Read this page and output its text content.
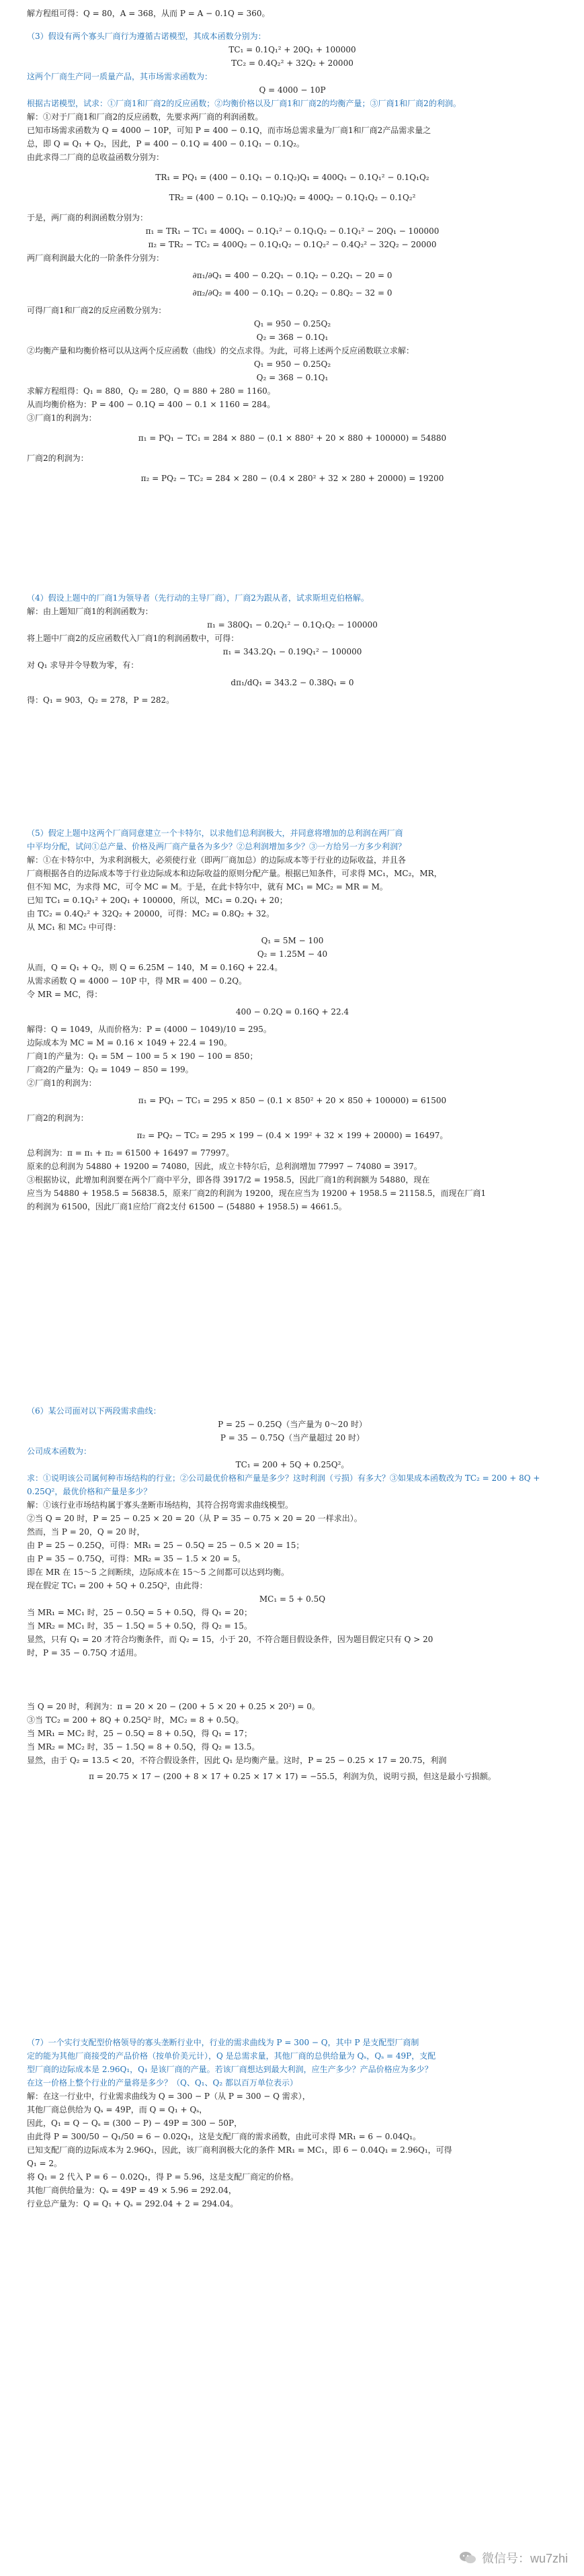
解方程组可得：Q = 80，A = 368，从而 P = A − 0.1Q = 360。

（3）假设有两个寡头厂商行为遵循古诺模型，其成本函数分别为：

TC₁ = 0.1Q₁² + 20Q₁ + 100000

TC₂ = 0.4Q₂² + 32Q₂ + 20000

这两个厂商生产同一质量产品，其市场需求函数为：

Q = 4000 − 10P

根据古诺模型，试求：①厂商1和厂商2的反应函数；②均衡价格以及厂商1和厂商2的均衡产量；③厂商1和厂商2的利润。

解：①对于厂商1和厂商2的反应函数，先要求两厂商的利润函数。

已知市场需求函数为 Q = 4000 − 10P，可知 P = 400 − 0.1Q，而市场总需求量为厂商1和厂商2产品需求量之

总，即 Q = Q₁ + Q₂，因此，P = 400 − 0.1Q = 400 − 0.1Q₁ − 0.1Q₂。

由此求得二厂商的总收益函数分别为：

TR₁ = PQ₁ = (400 − 0.1Q₁ − 0.1Q₂)Q₁ = 400Q₁ − 0.1Q₁² − 0.1Q₁Q₂

TR₂ = (400 − 0.1Q₁ − 0.1Q₂)Q₂ = 400Q₂ − 0.1Q₁Q₂ − 0.1Q₂²

于是，两厂商的利润函数分别为：

π₁ = TR₁ − TC₁ = 400Q₁ − 0.1Q₁² − 0.1Q₁Q₂ − 0.1Q₁² − 20Q₁ − 100000

π₂ = TR₂ − TC₂ = 400Q₂ − 0.1Q₁Q₂ − 0.1Q₂² − 0.4Q₂² − 32Q₂ − 20000

两厂商利润最大化的一阶条件分别为：

∂π₁/∂Q₁ = 400 − 0.2Q₁ − 0.1Q₂ − 0.2Q₁ − 20 = 0

∂π₂/∂Q₂ = 400 − 0.1Q₁ − 0.2Q₂ − 0.8Q₂ − 32 = 0

可得厂商1和厂商2的反应函数分别为：

Q₁ = 950 − 0.25Q₂

Q₂ = 368 − 0.1Q₁

②均衡产量和均衡价格可以从这两个反应函数（曲线）的交点求得。为此，可将上述两个反应函数联立求解：

Q₁ = 950 − 0.25Q₂

Q₂ = 368 − 0.1Q₁

求解方程组得：Q₁ = 880，Q₂ = 280，Q = 880 + 280 = 1160。

从而均衡价格为：P = 400 − 0.1Q = 400 − 0.1 × 1160 = 284。

③厂商1的利润为：

π₁ = PQ₁ − TC₁ = 284 × 880 − (0.1 × 880² + 20 × 880 + 100000) = 54880

厂商2的利润为：

π₂ = PQ₂ − TC₂ = 284 × 280 − (0.4 × 280² + 32 × 280 + 20000) = 19200

（4）假设上题中的厂商1为领导者（先行动的主导厂商），厂商2为跟从者，试求斯坦克伯格解。

解：由上题知厂商1的利润函数为：

π₁ = 380Q₁ − 0.2Q₁² − 0.1Q₁Q₂ − 100000

将上题中厂商2的反应函数代入厂商1的利润函数中，可得：

π₁ = 343.2Q₁ − 0.19Q₁² − 100000

对 Q₁ 求导并令导数为零，有：

dπ₁/dQ₁ = 343.2 − 0.38Q₁ = 0

得：Q₁ = 903，Q₂ = 278，P = 282。

（5）假定上题中这两个厂商同意建立一个卡特尔，以求他们总利润极大，并同意将增加的总利润在两厂商

中平均分配，试问①总产量、价格及两厂商产量各为多少？②总利润增加多少？③一方给另一方多少利润？

解：①在卡特尔中，为求利润极大，必须使行业（即两厂商加总）的边际成本等于行业的边际收益，并且各

厂商根据各自的边际成本等于行业边际成本和边际收益的原则分配产量。根据已知条件，可求得 MC₁，MC₂，MR，

但不知 MC，为求得 MC，可令 MC = M。于是，在此卡特尔中，就有 MC₁ = MC₂ = MR = M。

已知 TC₁ = 0.1Q₁² + 20Q₁ + 100000，所以，MC₁ = 0.2Q₁ + 20；

由 TC₂ = 0.4Q₂² + 32Q₂ + 20000，可得：MC₂ = 0.8Q₂ + 32。

从 MC₁ 和 MC₂ 中可得：

Q₁ = 5M − 100

Q₂ = 1.25M − 40

从而，Q = Q₁ + Q₂，则 Q = 6.25M − 140，M = 0.16Q + 22.4。

从需求函数 Q = 4000 − 10P 中，得 MR = 400 − 0.2Q。

令 MR = MC，得：

400 − 0.2Q = 0.16Q + 22.4

解得：Q = 1049，从而价格为：P = (4000 − 1049)/10 = 295。

边际成本为 MC = M = 0.16 × 1049 + 22.4 = 190。

厂商1的产量为：Q₁ = 5M − 100 = 5 × 190 − 100 = 850；

厂商2的产量为：Q₂ = 1049 − 850 = 199。

②厂商1的利润为：

π₁ = PQ₁ − TC₁ = 295 × 850 − (0.1 × 850² + 20 × 850 + 100000) = 61500

厂商2的利润为：

π₂ = PQ₂ − TC₂ = 295 × 199 − (0.4 × 199² + 32 × 199 + 20000) = 16497。

总利润为：π = π₁ + π₂ = 61500 + 16497 = 77997。

原来的总利润为 54880 + 19200 = 74080，因此，成立卡特尔后，总利润增加 77997 − 74080 = 3917。

③根据协议，此增加利润要在两个厂商中平分，即各得 3917/2 = 1958.5，因此厂商1的利润额为 54880，现在

应当为 54880 + 1958.5 = 56838.5，原来厂商2的利润为 19200，现在应当为 19200 + 1958.5 = 21158.5，而现在厂商1

的利润为 61500，因此厂商1应给厂商2支付 61500 − (54880 + 1958.5) = 4661.5。

（6）某公司面对以下两段需求曲线：

P = 25 − 0.25Q（当产量为 0～20 时）

P = 35 − 0.75Q（当产量超过 20 时）

公司成本函数为：

TC₁ = 200 + 5Q + 0.25Q²。

求：①说明该公司属何种市场结构的行业；②公司最优价格和产量是多少？这时利润（亏损）有多大？③如果成本函数改为 TC₂ = 200 + 8Q + 0.25Q²，最优价格和产量是多少？

解：①该行业市场结构属于寡头垄断市场结构，其符合拐弯需求曲线模型。

②当 Q = 20 时，P = 25 − 0.25 × 20 = 20（从 P = 35 − 0.75 × 20 = 20 一样求出）。

然而，当 P = 20，Q = 20 时，

由 P = 25 − 0.25Q，可得：MR₁ = 25 − 0.5Q = 25 − 0.5 × 20 = 15；

由 P = 35 − 0.75Q，可得：MR₂ = 35 − 1.5 × 20 = 5。

即在 MR 在 15～5 之间断续，边际成本在 15～5 之间都可以达到均衡。

现在假定 TC₁ = 200 + 5Q + 0.25Q²，由此得：

MC₁ = 5 + 0.5Q

当 MR₁ = MC₁ 时，25 − 0.5Q = 5 + 0.5Q，得 Q₁ = 20；

当 MR₂ = MC₁ 时，35 − 1.5Q = 5 + 0.5Q，得 Q₂ = 15。

显然，只有 Q₁ = 20 才符合均衡条件，而 Q₂ = 15，小于 20，不符合题目假设条件，因为题目假定只有 Q > 20

时，P = 35 − 0.75Q 才适用。

当 Q = 20 时，利润为：π = 20 × 20 − (200 + 5 × 20 + 0.25 × 20²) = 0。

③当 TC₂ = 200 + 8Q + 0.25Q² 时，MC₂ = 8 + 0.5Q。

当 MR₁ = MC₂ 时，25 − 0.5Q = 8 + 0.5Q，得 Q₁ = 17；

当 MR₂ = MC₂ 时，35 − 1.5Q = 8 + 0.5Q，得 Q₂ = 13.5。

显然，由于 Q₂ = 13.5 < 20，不符合假设条件，因此 Q₁ 是均衡产量。这时，P = 25 − 0.25 × 17 = 20.75，利润

π = 20.75 × 17 − (200 + 8 × 17 + 0.25 × 17 × 17) = −55.5，利润为负，说明亏损，但这是最小亏损额。

（7）一个实行支配型价格领导的寡头垄断行业中，行业的需求曲线为 P = 300 − Q，其中 P 是支配型厂商制

定的能为其他厂商接受的产品价格（按单价美元计），Q 是总需求量，其他厂商的总供给量为 Qₛ，Qₛ = 49P，支配

型厂商的边际成本是 2.96Q₁，Q₁ 是该厂商的产量。若该厂商想达到最大利润，应生产多少？产品价格应为多少？

在这一价格上整个行业的产量将是多少？（Q、Q₁、Q₂ 都以百万单位表示）

解：在这一行业中，行业需求曲线为 Q = 300 − P（从 P = 300 − Q 需求），

其他厂商总供给为 Qₛ = 49P，而 Q = Q₁ + Qₛ，

因此，Q₁ = Q − Qₛ = (300 − P) − 49P = 300 − 50P，

由此得 P = 300/50 − Q₁/50 = 6 − 0.02Q₁，这是支配厂商的需求函数，由此可求得 MR₁ = 6 − 0.04Q₁。

已知支配厂商的边际成本为 2.96Q₁，因此，该厂商利润极大化的条件 MR₁ = MC₁，即 6 − 0.04Q₁ = 2.96Q₁，可得

Q₁ = 2。

将 Q₁ = 2 代入 P = 6 − 0.02Q₁，得 P = 5.96，这是支配厂商定的价格。

其他厂商供给量为：Qₛ = 49P = 49 × 5.96 = 292.04，

行业总产量为：Q = Q₁ + Qₛ = 292.04 + 2 = 294.04。

微信号：wu7zhi
